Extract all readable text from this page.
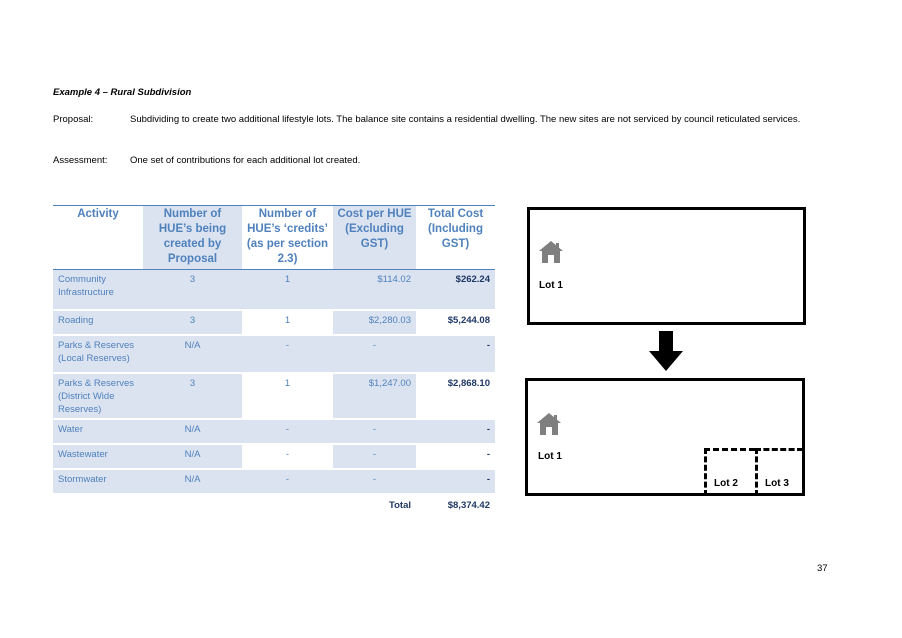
Example 4 – Rural Subdivision
Proposal:	Subdividing to create two additional lifestyle lots. The balance site contains a residential dwelling. The new sites are not serviced by council reticulated services.
Assessment: One set of contributions for each additional lot created.
Activity	Number of HUE’s being created by Proposal	Number of HUE’s ‘credits’ (as per section 2.3)	Cost per HUE (Excluding GST)	Total Cost (Including GST)
Community Infrastructure	3	1	$114.02	$262.24
Roading	3	1	$2,280.03	$5,244.08
Parks & Reserves (Local Reserves)	N/A	-	-	-
Parks & Reserves (District Wide Reserves)	3	1	$1,247.00	$2,868.10
Water	N/A	-	-	-
Wastewater	N/A	-	-	-
Stormwater	N/A	-	-	-
			Total	$8,374.42
Lot 1
Lot 1
Lot 2	Lot 3
37
